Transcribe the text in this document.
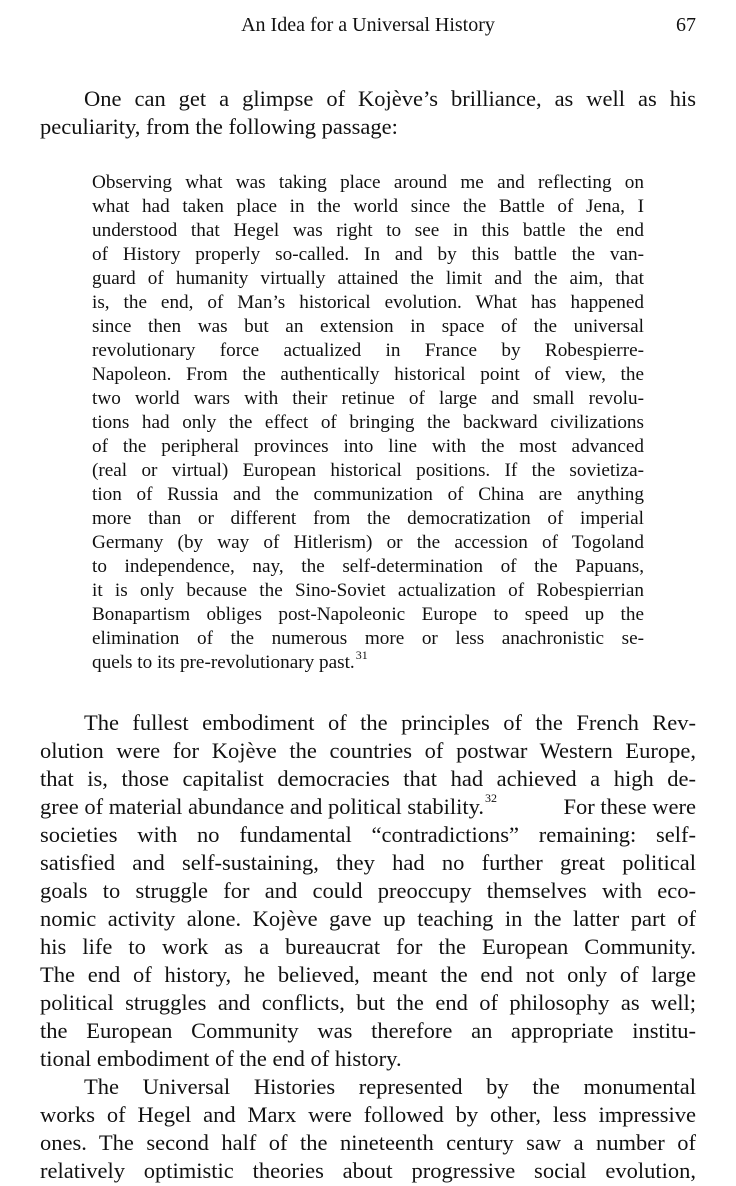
An Idea for a Universal History	67

One can get a glimpse of Kojève’s brilliance, as well as his

peculiarity, from the following passage:

Observing what was taking place around me and reflecting on

what had taken place in the world since the Battle of Jena, I

understood that Hegel was right to see in this battle the end

of History properly so-called. In and by this battle the van-

guard of humanity virtually attained the limit and the aim, that

is, the end, of Man’s historical evolution. What has happened

since then was but an extension in space of the universal

revolutionary force actualized in France by Robespierre-

Napoleon. From the authentically historical point of view, the

two world wars with their retinue of large and small revolu-

tions had only the effect of bringing the backward civilizations

of the peripheral provinces into line with the most advanced

(real or virtual) European historical positions. If the sovietiza-

tion of Russia and the communization of China are anything

more than or different from the democratization of imperial

Germany (by way of Hitlerism) or the accession of Togoland

to independence, nay, the self-determination of the Papuans,

it is only because the Sino-Soviet actualization of Robespierrian

Bonapartism obliges post-Napoleonic Europe to speed up the

elimination of the numerous more or less anachronistic se-

quels to its pre-revolutionary past.$^{31}$

The fullest embodiment of the principles of the French Rev-

olution were for Kojève the countries of postwar Western Europe,

that is, those capitalist democracies that had achieved a high de-

gree of material abundance and political stability. 32	For these were

societies with no fundamental “contradictions” remaining: self-

satisfied and self-sustaining, they had no further great political

goals to struggle for and could preoccupy themselves with eco-

nomic activity alone. Kojève gave up teaching in the latter part of

his life to work as a bureaucrat for the European Community.

The end of history, he believed, meant the end not only of large

political struggles and conflicts, but the end of philosophy as well;

the European Community was therefore an appropriate institu-

tional embodiment of the end of history.

The Universal Histories represented by the monumental

works of Hegel and Marx were followed by other, less impressive

ones. The second half of the nineteenth century saw a number of

relatively optimistic theories about progressive social evolution,
